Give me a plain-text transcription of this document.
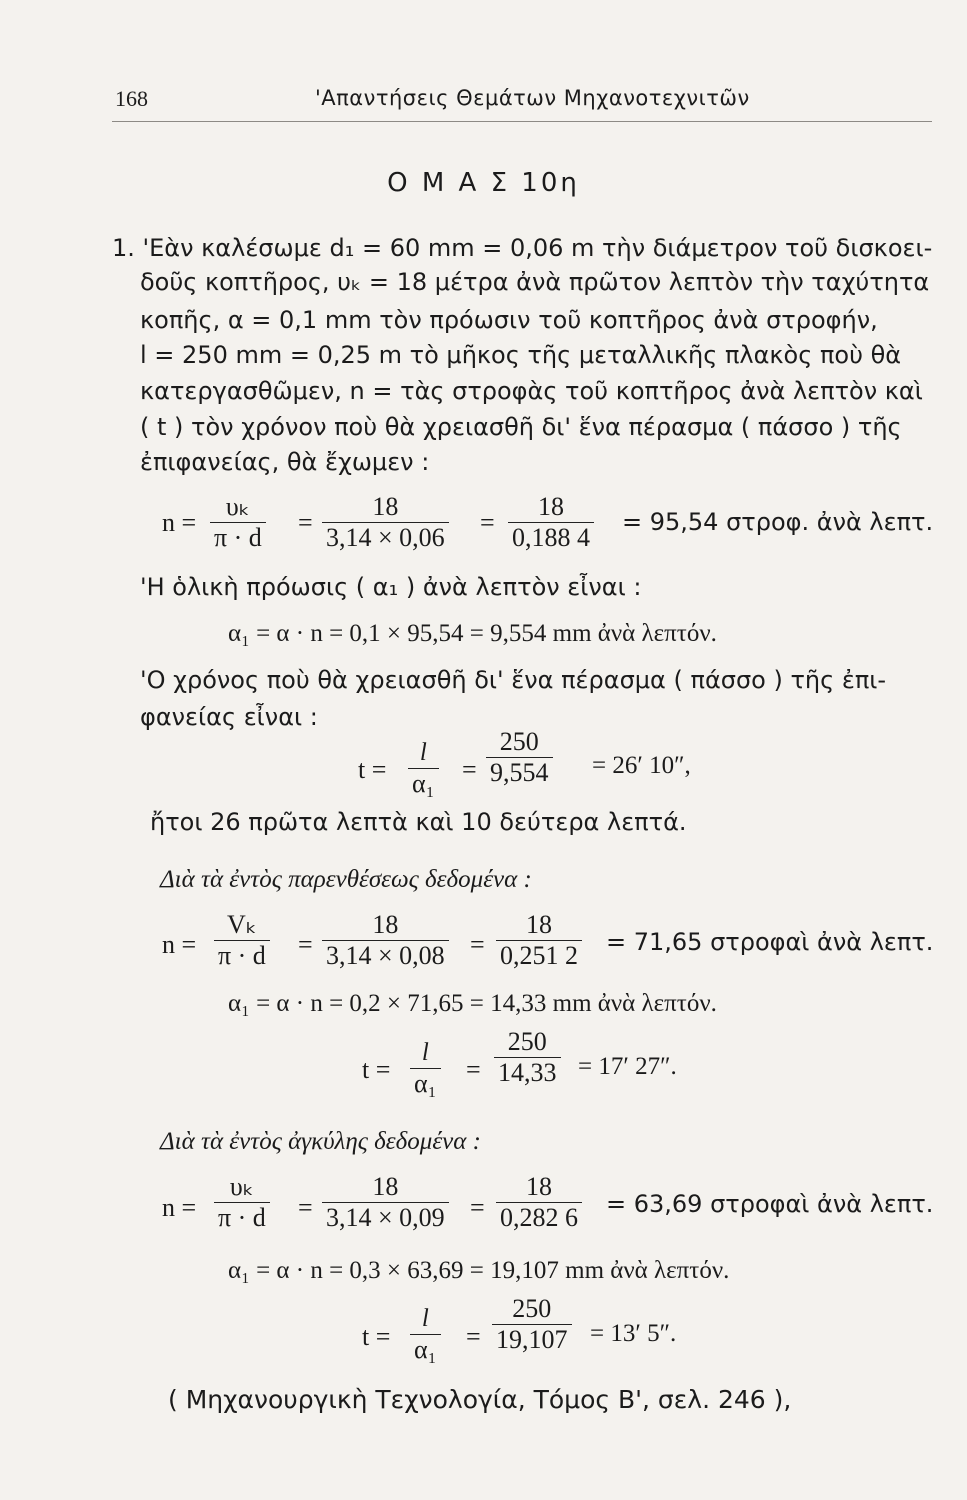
168	'Απαντήσεις Θεμάτων Μηχανοτεχνιτῶν
Ο Μ Α Σ 10η
1. 'Εὰν καλέσωμε d₁ = 60 mm = 0,06 m τὴν διάμετρον τοῦ δισκοει-
δοῦς κοπτῆρος, υₖ = 18 μέτρα ἀνὰ πρῶτον λεπτὸν τὴν ταχύτητα
κοπῆς, α = 0,1 mm τὸν πρόωσιν τοῦ κοπτῆρος ἀνὰ στροφήν,
l = 250 mm = 0,25 m τὸ μῆκος τῆς μεταλλικῆς πλακὸς ποὺ θὰ
κατεργασθῶμεν, n = τὰς στροφὰς τοῦ κοπτῆρος ἀνὰ λεπτὸν καὶ
( t ) τὸν χρόνον ποὺ θὰ χρειασθῆ δι' ἕνα πέρασμα ( πάσσο ) τῆς
ἐπιφανείας, θὰ ἔχωμεν :
$n = \frac{\text{υₖ}}{\pi \cdot d} = \frac{18}{3,14 \times 0,06} = \frac{18}{0,188 4} = 95,54$ στροφ. ἀνὰ λεπτ.
'Η ὁλικὴ πρόωσις ( α₁ ) ἀνὰ λεπτὸν εἶναι :
α₁ = α · n = 0,1 × 95,54 = 9,554 mm ἀνὰ λεπτόν.
'Ο χρόνος ποὺ θὰ χρειασθῆ δι' ἕνα πέρασμα ( πάσσο ) τῆς ἐπι-
φανείας εἶναι :
$t = \frac{l}{\text{α₁}} = \frac{250}{9,554} = 26'$ 10″,
ἤτοι 26 πρῶτα λεπτὰ καὶ 10 δεύτερα λεπτά.
Διὰ τὰ ἐντὸς παρενθέσεως δεδομένα :
$n = \frac{\text{Vₖ}}{\pi \cdot d} = \frac{18}{3,14 \times 0,08} = \frac{18}{0,251 2} = 71,65$ στροφαὶ ἀνὰ λεπτ.
α₁ = α · n = 0,2 × 71,65 = 14,33 mm ἀνὰ λεπτόν.
$t = \frac{l}{\text{α₁}} = \frac{250}{14,33} = 17'$ 27″.
Διὰ τὰ ἐντὸς ἀγκύλης δεδομένα :
$n = \frac{\text{υₖ}}{\pi \cdot d} = \frac{18}{3,14 \times 0,09} = \frac{18}{0,282 6} = 63,69$ στροφαὶ ἀνὰ λεπτ.
α₁ = α · n = 0,3 × 63,69 = 19,107 mm ἀνὰ λεπτόν.
$t = \frac{l}{\text{α₁}} = \frac{250}{19,107} = 13'$ 5″.
( Μηχανουργικὴ Τεχνολογία, Τόμος Β', σελ. 246 ),
